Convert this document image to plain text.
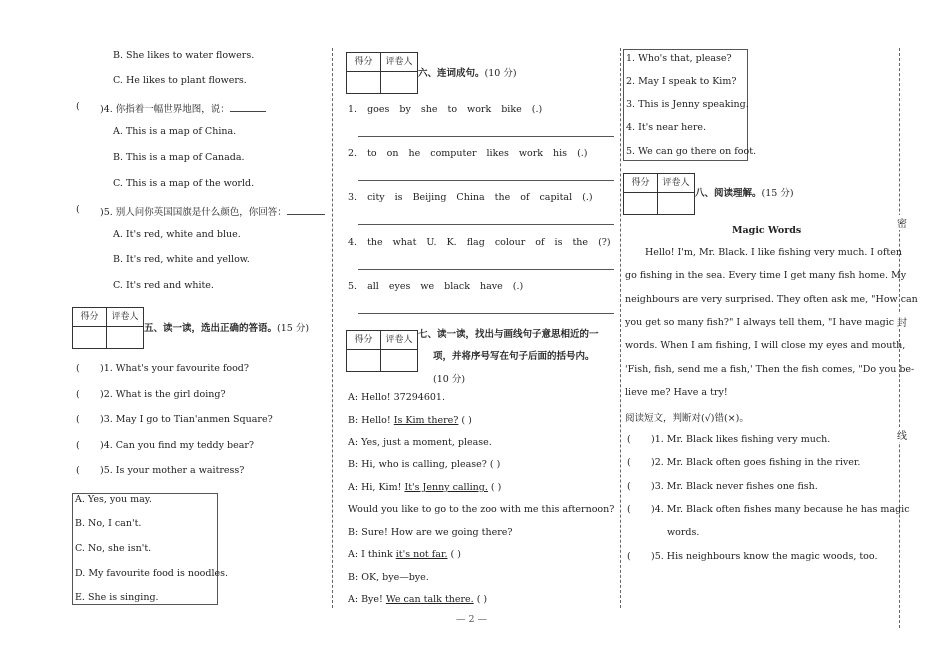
B. She likes to water flowers.
C. He likes to plant flowers.
( )4. 你指着一幅世界地图，说：
A. This is a map of China.
B. This is a map of Canada.
C. This is a map of the world.
( )5. 别人问你英国国旗是什么颜色，你回答：
A. It's red, white and blue.
B. It's red, white and yellow.
C. It's red and white.
得分	评卷人
五、读一读，选出正确的答语。(15 分)
( )1. What's your favourite food?
( )2. What is the girl doing?
( )3. May I go to Tian'anmen Square?
( )4. Can you find my teddy bear?
( )5. Is your mother a waitress?
A. Yes, you may.
B. No, I can't.
C. No, she isn't.
D. My favourite food is noodles.
E. She is singing.
得分	评卷人
六、连词成句。(10 分)
1. goes by she to work bike (.)
2. to on he computer likes work his (.)
3. city is Beijing China the of capital (.)
4. the what U. K. flag colour of is the (?)
5. all eyes we black have (.)
得分	评卷人 七、读一读，找出与画线句子意思相近的一
项，并将序号写在句子后面的括号内。
(10 分)
A: Hello! 37294601.
B: Hello! Is Kim there? ( )
A: Yes, just a moment, please.
B: Hi, who is calling, please? ( )
A: Hi, Kim! It's Jenny calling. ( )
Would you like to go to the zoo with me this afternoon?
B: Sure! How are we going there?
A: I think it's not far. ( )
B: OK, bye—bye.
A: Bye! We can talk there. ( )
— 2 —
1. Who's that, please?
2. May I speak to Kim?
3. This is Jenny speaking.
4. It's near here.
5. We can go there on foot.
得分	评卷人
八、阅读理解。(15 分)
Magic Words
Hello! I'm, Mr. Black. I like fishing very much. I often
go fishing in the sea. Every time I get many fish home. My
neighbours are very surprised. They often ask me, "How can
you get so many fish?" I always tell them, "I have magic
words. When I am fishing, I will close my eyes and mouth,
'Fish, fish, send me a fish,' Then the fish comes, "Do you be-
lieve me? Have a try!
阅读短文，判断对(√)错(×)。
( )1. Mr. Black likes fishing very much.
( )2. Mr. Black often goes fishing in the river.
( )3. Mr. Black never fishes one fish.
( )4. Mr. Black often fishes many because he has magic
words.
( )5. His neighbours know the magic woods, too.
密
封
线
